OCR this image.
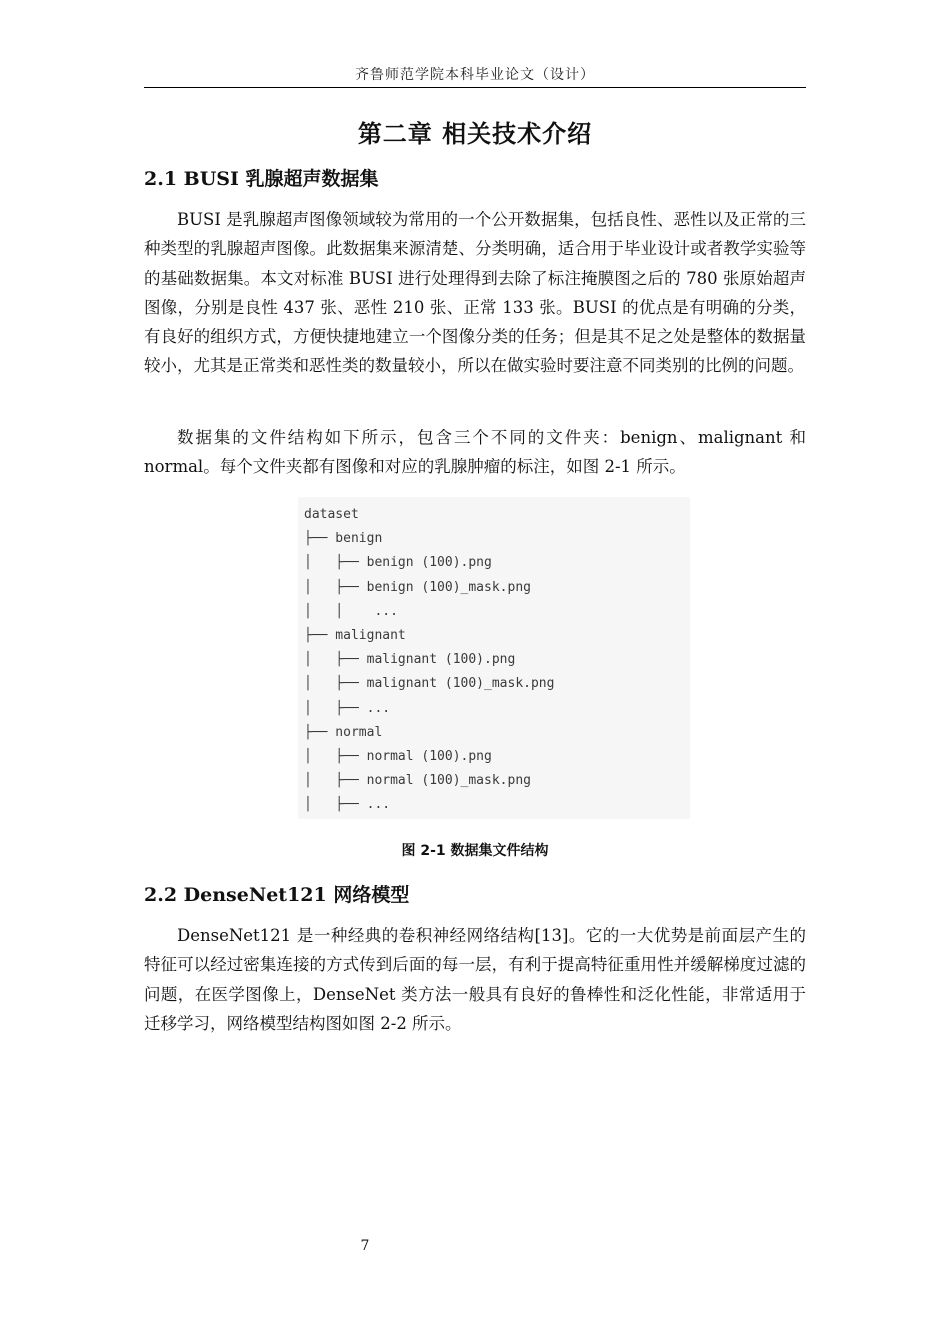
齐鲁师范学院本科毕业论文（设计）
第二章 相关技术介绍
2.1 BUSI 乳腺超声数据集

BUSI 是乳腺超声图像领域较为常用的一个公开数据集，包括良性、恶性以及正常的三种类型的乳腺超声图像。此数据集来源清楚、分类明确，适合用于毕业设计或者教学实验等的基础数据集。本文对标准 BUSI 进行处理得到去除了标注掩膜图之后的 780 张原始超声图像，分别是良性 437 张、恶性 210 张、正常 133 张。BUSI 的优点是有明确的分类，有良好的组织方式，方便快捷地建立一个图像分类的任务；但是其不足之处是整体的数据量较小，尤其是正常类和恶性类的数量较小，所以在做实验时要注意不同类别的比例的问题。

数据集的文件结构如下所示，包含三个不同的文件夹：benign、malignant 和 normal。每个文件夹都有图像和对应的乳腺肿瘤的标注，如图 2-1 所示。

dataset
├── benign
│   ├── benign (100).png
│   ├── benign (100)_mask.png
│   │    ...
├── malignant
│   ├── malignant (100).png
│   ├── malignant (100)_mask.png
│   ├── ...
├── normal
│   ├── normal (100).png
│   ├── normal (100)_mask.png
│   ├── ...
图 2-1 数据集文件结构
2.2 DenseNet121 网络模型

DenseNet121 是一种经典的卷积神经网络结构[13]。它的一大优势是前面层产生的特征可以经过密集连接的方式传到后面的每一层，有利于提高特征重用性并缓解梯度过滤的问题，在医学图像上，DenseNet 类方法一般具有良好的鲁棒性和泛化性能，非常适用于迁移学习，网络模型结构图如图 2-2 所示。

7
